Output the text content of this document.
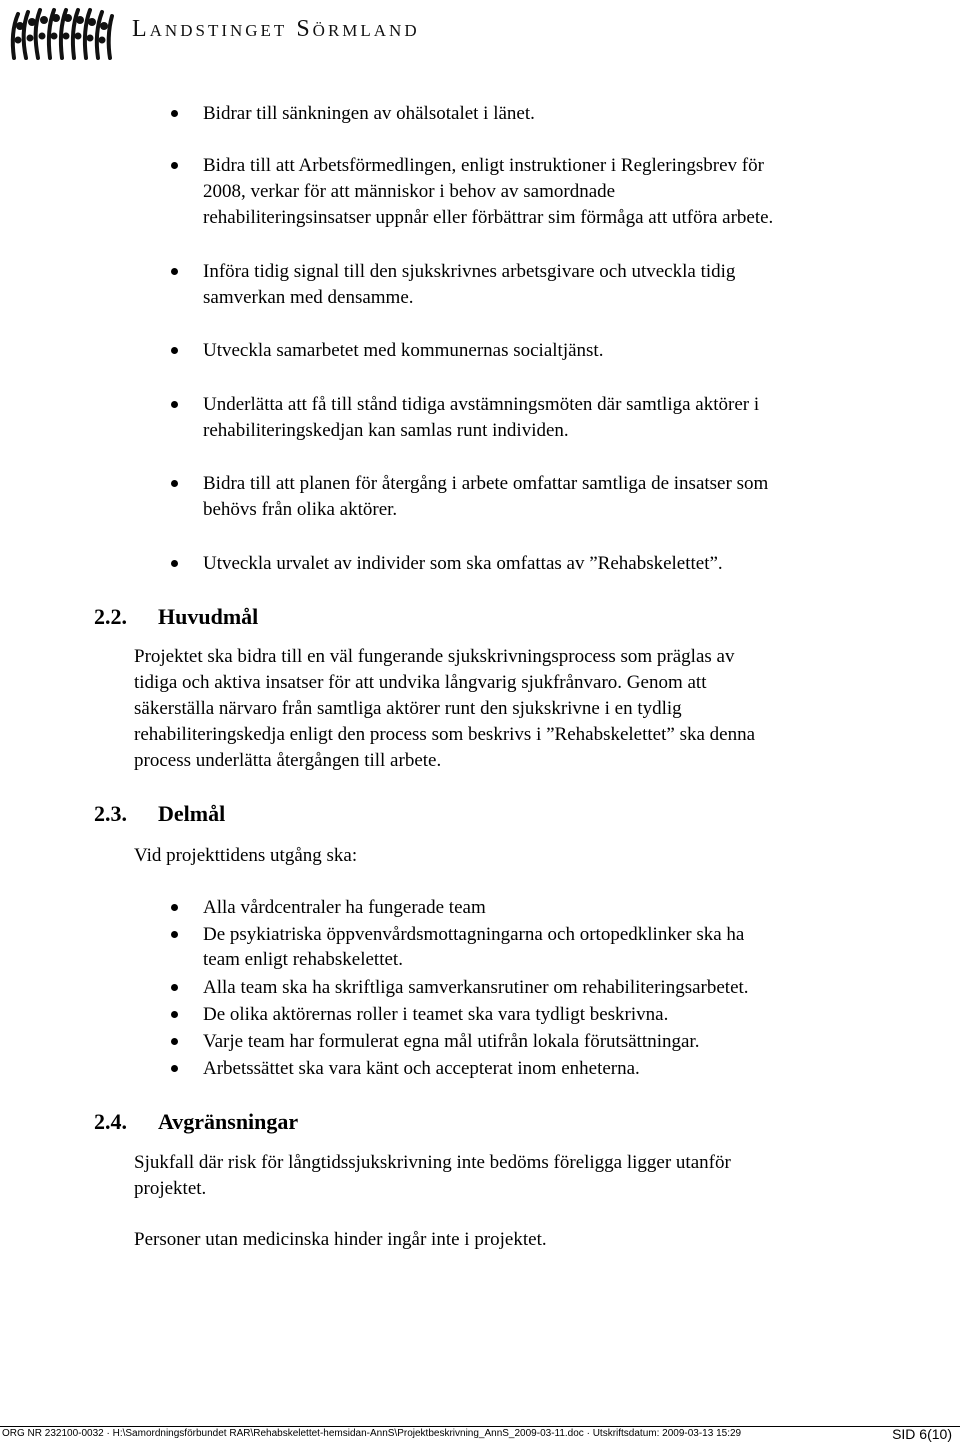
Landstinget Sörmland
Bidrar till sänkningen av ohälsotalet i länet.
Bidra till att Arbetsförmedlingen, enligt instruktioner i Regleringsbrev för
2008, verkar för att människor i behov av samordnade
rehabiliteringsinsatser uppnår eller förbättrar sim förmåga att utföra arbete.
Införa tidig signal till den sjukskrivnes arbetsgivare och utveckla tidig
samverkan med densamme.
Utveckla samarbetet med kommunernas socialtjänst.
Underlätta att få till stånd tidiga avstämningsmöten där samtliga aktörer i
rehabiliteringskedjan kan samlas runt individen.
Bidra till att planen för återgång i arbete omfattar samtliga de insatser som
behövs från olika aktörer.
Utveckla urvalet av individer som ska omfattas av ”Rehabskelettet”.
2.2. Huvudmål
Projektet ska bidra till en väl fungerande sjukskrivningsprocess som präglas av
tidiga och aktiva insatser för att undvika långvarig sjukfrånvaro. Genom att
säkerställa närvaro från samtliga aktörer runt den sjukskrivne i en tydlig
rehabiliteringskedja enligt den process som beskrivs i ”Rehabskelettet” ska denna
process underlätta återgången till arbete.
2.3. Delmål
Vid projekttidens utgång ska:
Alla vårdcentraler ha fungerade team
De psykiatriska öppvenvårdsmottagningarna och ortopedklinker ska ha
team enligt rehabskelettet.
Alla team ska ha skriftliga samverkansrutiner om rehabiliteringsarbetet.
De olika aktörernas roller i teamet ska vara tydligt beskrivna.
Varje team har formulerat egna mål utifrån lokala förutsättningar.
Arbetssättet ska vara känt och accepterat inom enheterna.
2.4. Avgränsningar
Sjukfall där risk för långtidssjukskrivning inte bedöms föreligga ligger utanför
projektet.
Personer utan medicinska hinder ingår inte i projektet.
ORG NR 232100-0032 · H:\Samordningsförbundet RAR\Rehabskelettet-hemsidan-AnnS\Projektbeskrivning_AnnS_2009-03-11.doc · Utskriftsdatum: 2009-03-13 15:29	SID 6(10)
